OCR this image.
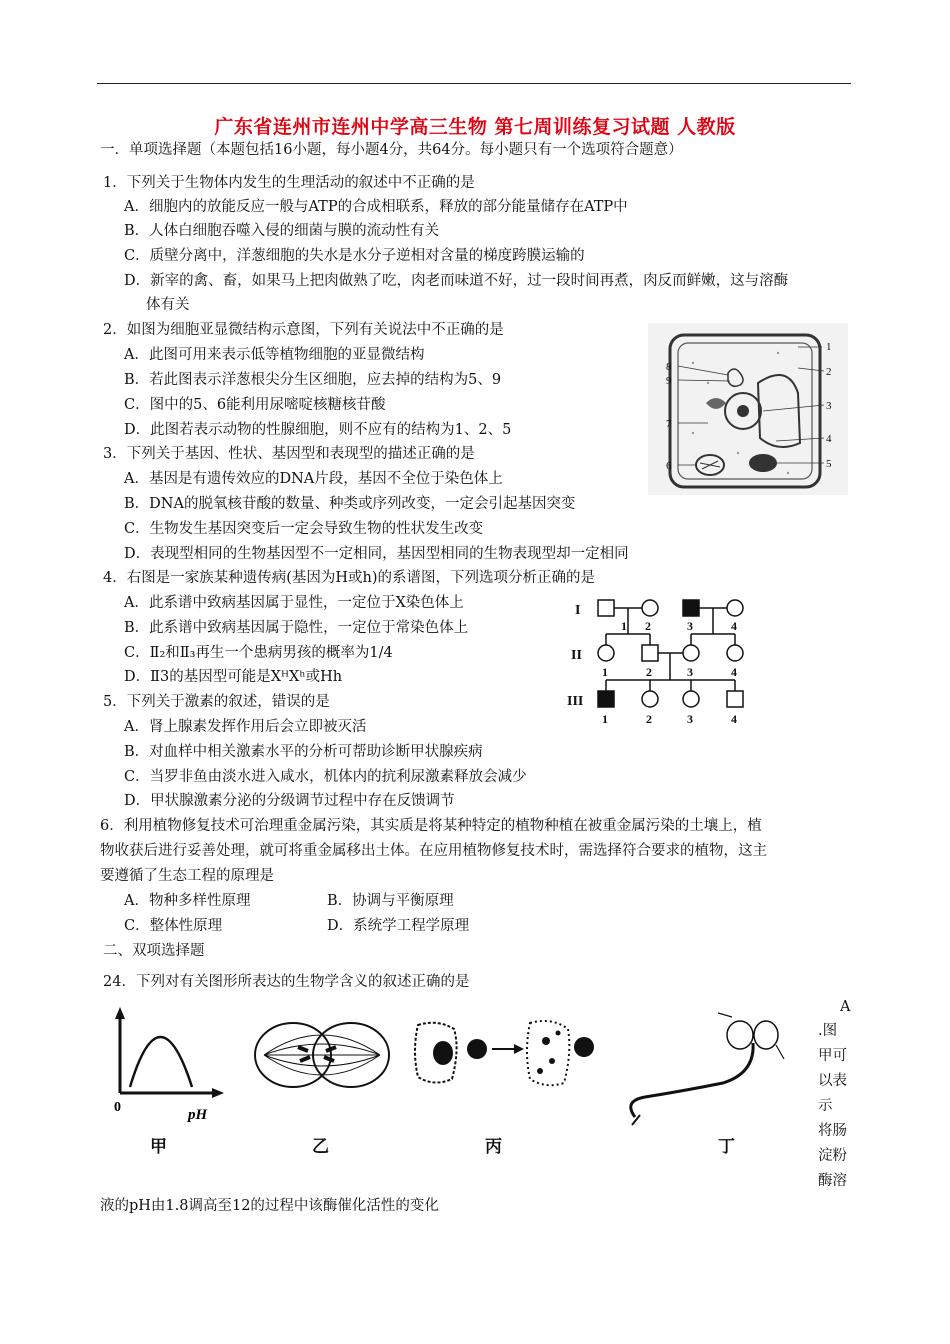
广东省连州市连州中学高三生物 第七周训练复习试题 人教版
一．单项选择题（本题包括16小题，每小题4分，共64分。每小题只有一个选项符合题意）
1．下列关于生物体内发生的生理活动的叙述中不正确的是
A．细胞内的放能反应一般与ATP的合成相联系，释放的部分能量储存在ATP中
B．人体白细胞吞噬入侵的细菌与膜的流动性有关
C．质壁分离中，洋葱细胞的失水是水分子逆相对含量的梯度跨膜运输的
D．新宰的禽、畜，如果马上把肉做熟了吃，肉老而味道不好，过一段时间再煮，肉反而鲜嫩，这与溶酶
体有关
2．如图为细胞亚显微结构示意图，下列有关说法中不正确的是
A．此图可用来表示低等植物细胞的亚显微结构
B．若此图表示洋葱根尖分生区细胞，应去掉的结构为5、9
C．图中的5、6能利用尿嘧啶核糖核苷酸
D．此图若表示动物的性腺细胞，则不应有的结构为1、2、5
1
2
3
4
5
6
7
8
9
3．下列关于基因、性状、基因型和表现型的描述正确的是
A．基因是有遗传效应的DNA片段，基因不全位于染色体上
B．DNA的脱氧核苷酸的数量、种类或序列改变，一定会引起基因突变
C．生物发生基因突变后一定会导致生物的性状发生改变
D．表现型相同的生物基因型不一定相同，基因型相同的生物表现型却一定相同
4．右图是一家族某种遗传病(基因为H或h)的系谱图，下列选项分析正确的是
A．此系谱中致病基因属于显性，一定位于X染色体上
B．此系谱中致病基因属于隐性，一定位于常染色体上
C．Ⅱ₂和Ⅱ₃再生一个患病男孩的概率为1/4
D．Ⅱ3的基因型可能是XᴴXʰ或Hh
I
II
III
1 2	3	4
1	2	3	4
1	2	3	4
5．下列关于激素的叙述，错误的是
A．肾上腺素发挥作用后会立即被灭活
B．对血样中相关激素水平的分析可帮助诊断甲状腺疾病
C．当罗非鱼由淡水进入咸水，机体内的抗利尿激素释放会减少
D．甲状腺激素分泌的分级调节过程中存在反馈调节
6．利用植物修复技术可治理重金属污染，其实质是将某种特定的植物种植在被重金属污染的土壤上，植
物收获后进行妥善处理，就可将重金属移出土体。在应用植物修复技术时，需选择符合要求的植物，这主
要遵循了生态工程的原理是
A．物种多样性原理	B．协调与平衡原理
C．整体性原理	D．系统学工程学原理
二、双项选择题
24．下列对有关图形所表达的生物学含义的叙述正确的是
0	pH
甲	乙	丙	丁
A
.图
甲可
以表
示
将肠
淀粉
酶溶
液的pH由1.8调高至12的过程中该酶催化活性的变化
